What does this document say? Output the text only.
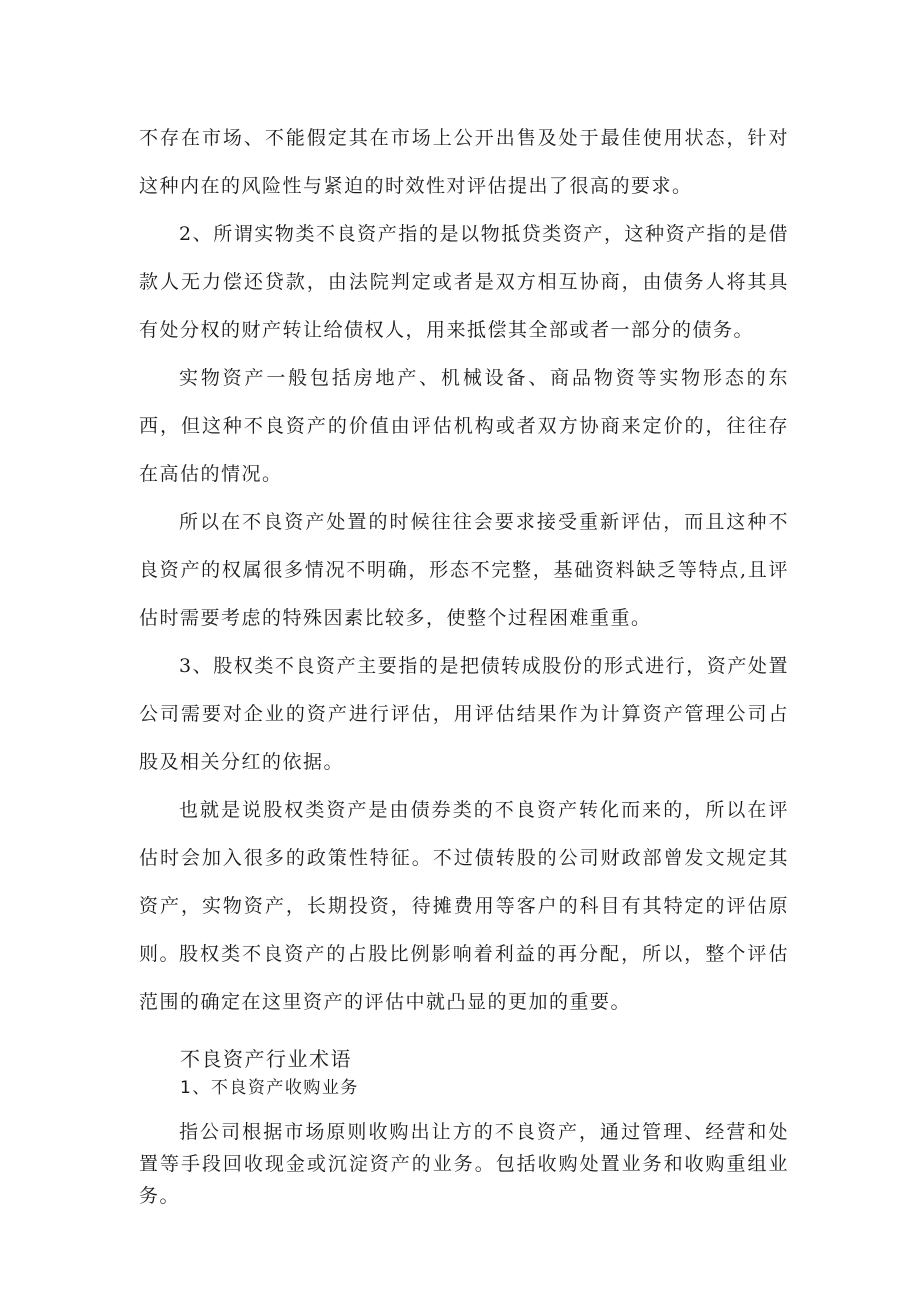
不存在市场、不能假定其在市场上公开出售及处于最佳使用状态，针对这种内在的风险性与紧迫的时效性对评估提出了很高的要求。

2、所谓实物类不良资产指的是以物抵贷类资产，这种资产指的是借款人无力偿还贷款，由法院判定或者是双方相互协商，由债务人将其具有处分权的财产转让给债权人，用来抵偿其全部或者一部分的债务。

实物资产一般包括房地产、机械设备、商品物资等实物形态的东西，但这种不良资产的价值由评估机构或者双方协商来定价的，往往存在高估的情况。

所以在不良资产处置的时候往往会要求接受重新评估，而且这种不良资产的权属很多情况不明确，形态不完整，基础资料缺乏等特点,且评估时需要考虑的特殊因素比较多，使整个过程困难重重。

3、股权类不良资产主要指的是把债转成股份的形式进行，资产处置公司需要对企业的资产进行评估，用评估结果作为计算资产管理公司占股及相关分红的依据。

也就是说股权类资产是由债券类的不良资产转化而来的，所以在评估时会加入很多的政策性特征。不过债转股的公司财政部曾发文规定其资产，实物资产，长期投资，待摊费用等客户的科目有其特定的评估原则。

股权类不良资产的占股比例影响着利益的再分配，所以，整个评估范围的确定在这里资产的评估中就凸显的更加的重要。

不良资产行业术语
1、不良资产收购业务

指公司根据市场原则收购出让方的不良资产，通过管理、经营和处置等手段回收现金或沉淀资产的业务。包括收购处置业务和收购重组业务。
